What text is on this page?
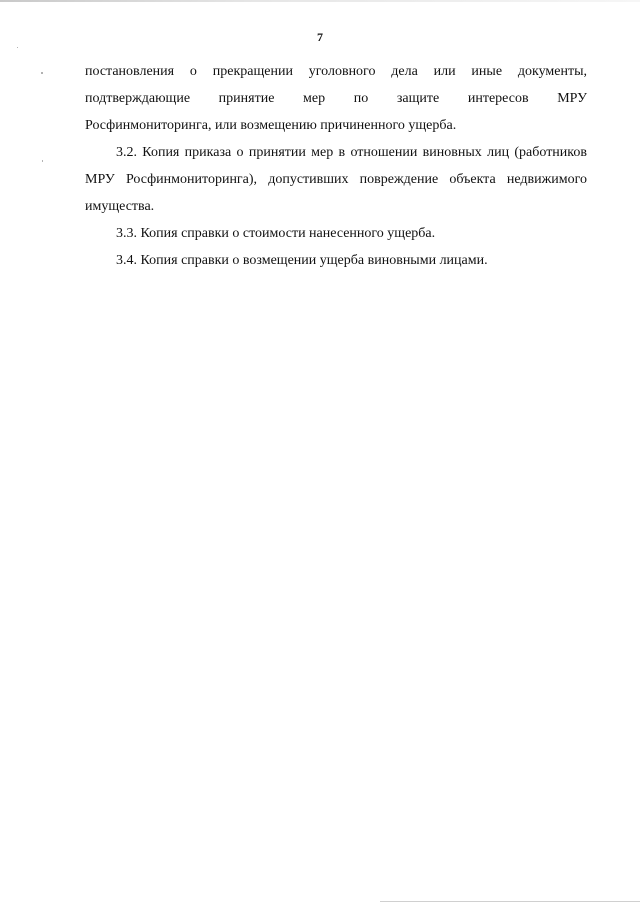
7

постановления о прекращении уголовного дела или иные документы,
подтверждающие принятие мер по защите интересов МРУ
Росфинмониторинга, или возмещению причиненного ущерба.

3.2. Копия приказа о принятии мер в отношении виновных лиц (работников МРУ Росфинмониторинга), допустивших повреждение объекта недвижимого имущества.

3.3. Копия справки о стоимости нанесенного ущерба.

3.4. Копия справки о возмещении ущерба виновными лицами.
